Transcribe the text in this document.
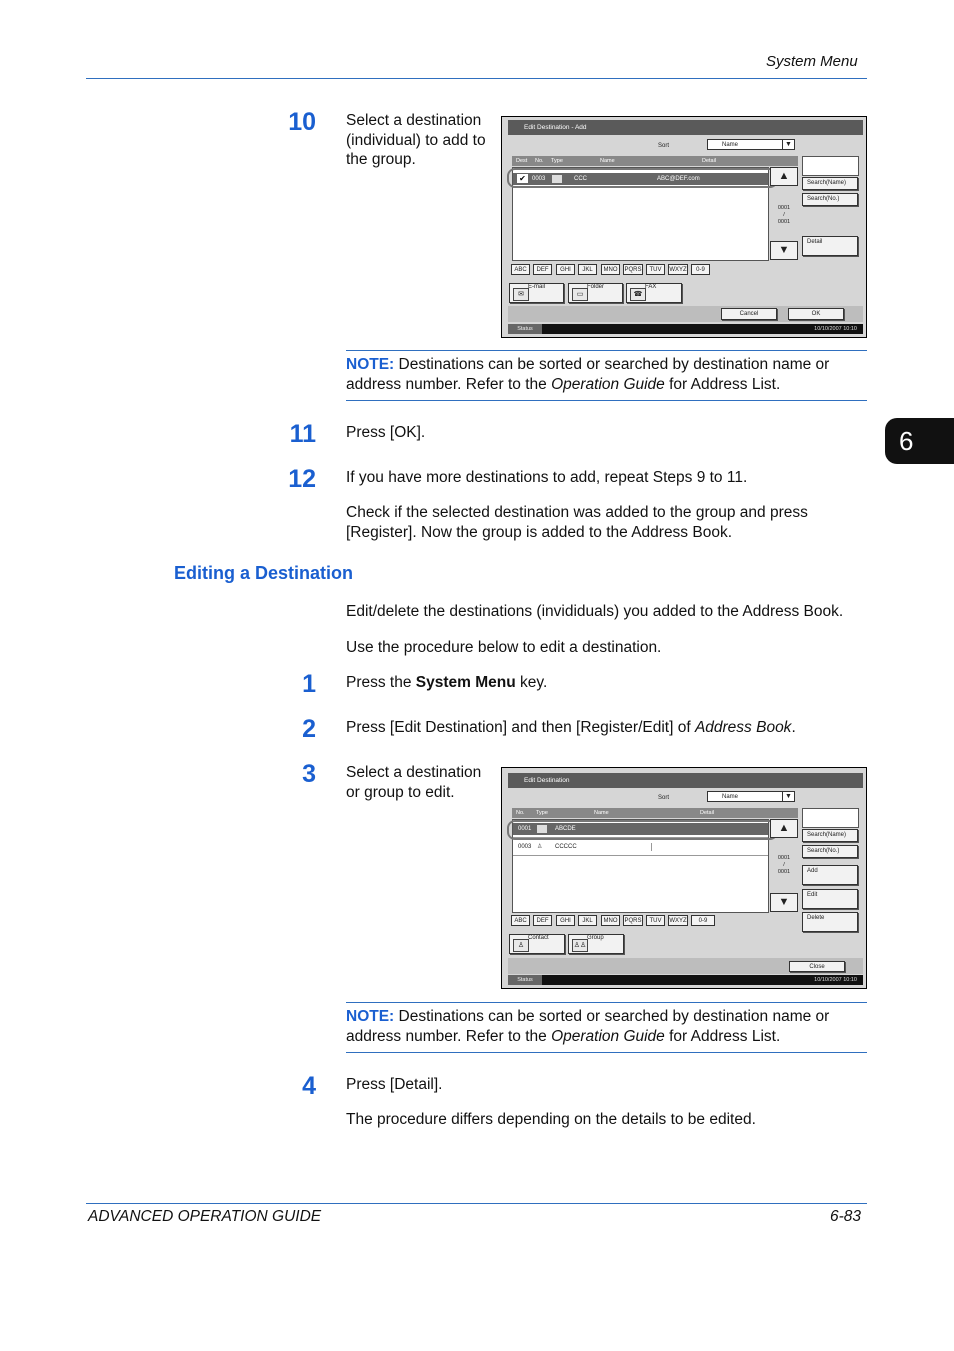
System Menu
6
10 Select a destination (individual) to add to the group.
Edit Destination - Add
Sort	Name	▼
Dest No. Type	Name	Detail
✔	0003	CCC	ABC@DEF.com	▲
0001
/
0001
▼
Search(Name)
Search(No.)
Detail
ABC	DEF	GHI	JKL	MNO	PQRS	TUV	WXYZ	0-9
✉
E-mail
▭
Folder
☎
FAX
Cancel	OK
Status	10/10/2007 10:10
NOTE: Destinations can be sorted or searched by destination name or address number. Refer to the Operation Guide for Address List.
11 Press [OK].
12 If you have more destinations to add, repeat Steps 9 to 11.
Check if the selected destination was added to the group and press [Register]. Now the group is added to the Address Book.
Editing a Destination
Edit/delete the destinations (invididuals) you added to the Address Book.
Use the procedure below to edit a destination.
1 Press the System Menu key.
2 Press [Edit Destination] and then [Register/Edit] of Address Book.
3 Select a destination or group to edit.
Edit Destination
Sort	Name	▼
No. Type	Name	Detail
0001	ABCDE
0003 ♙ CCCCC
▲
0001
/
0001
▼
Search(Name)
Search(No.)
Add
Edit
Delete
ABC	DEF	GHI	JKL	MNO	PQRS	TUV	WXYZ	0-9
♙
Contact
♙♙
Group
Close
Status	10/10/2007 10:10
NOTE: Destinations can be sorted or searched by destination name or address number. Refer to the Operation Guide for Address List.
4 Press [Detail].
The procedure differs depending on the details to be edited.
ADVANCED OPERATION GUIDE	6-83
